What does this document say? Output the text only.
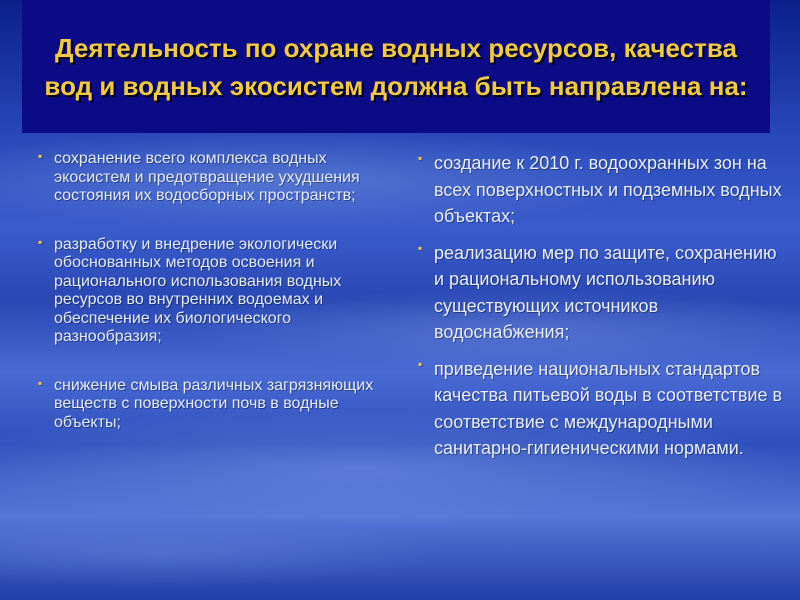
Деятельность по охране водных ресурсов, качества вод и водных экосистем должна быть направлена на:
▪ сохранение всего комплекса водных экосистем и предотвращение ухудшения состояния их водосборных пространств;
▪ разработку и внедрение экологически обоснованных методов освоения и рационального использования водных ресурсов во внутренних водоемах и обеспечение их биологического разнообразия;
▪ снижение смыва различных загрязняющих веществ с поверхности почв в водные объекты;
▪ создание к 2010 г. водоохранных зон на всех поверхностных и подземных водных объектах;
▪ реализацию мер по защите, сохранению и рациональному использованию существующих источников водоснабжения;
▪ приведение национальных стандартов качества питьевой воды в соответствие в соответствие с международными санитарно-гигиеническими нормами.
